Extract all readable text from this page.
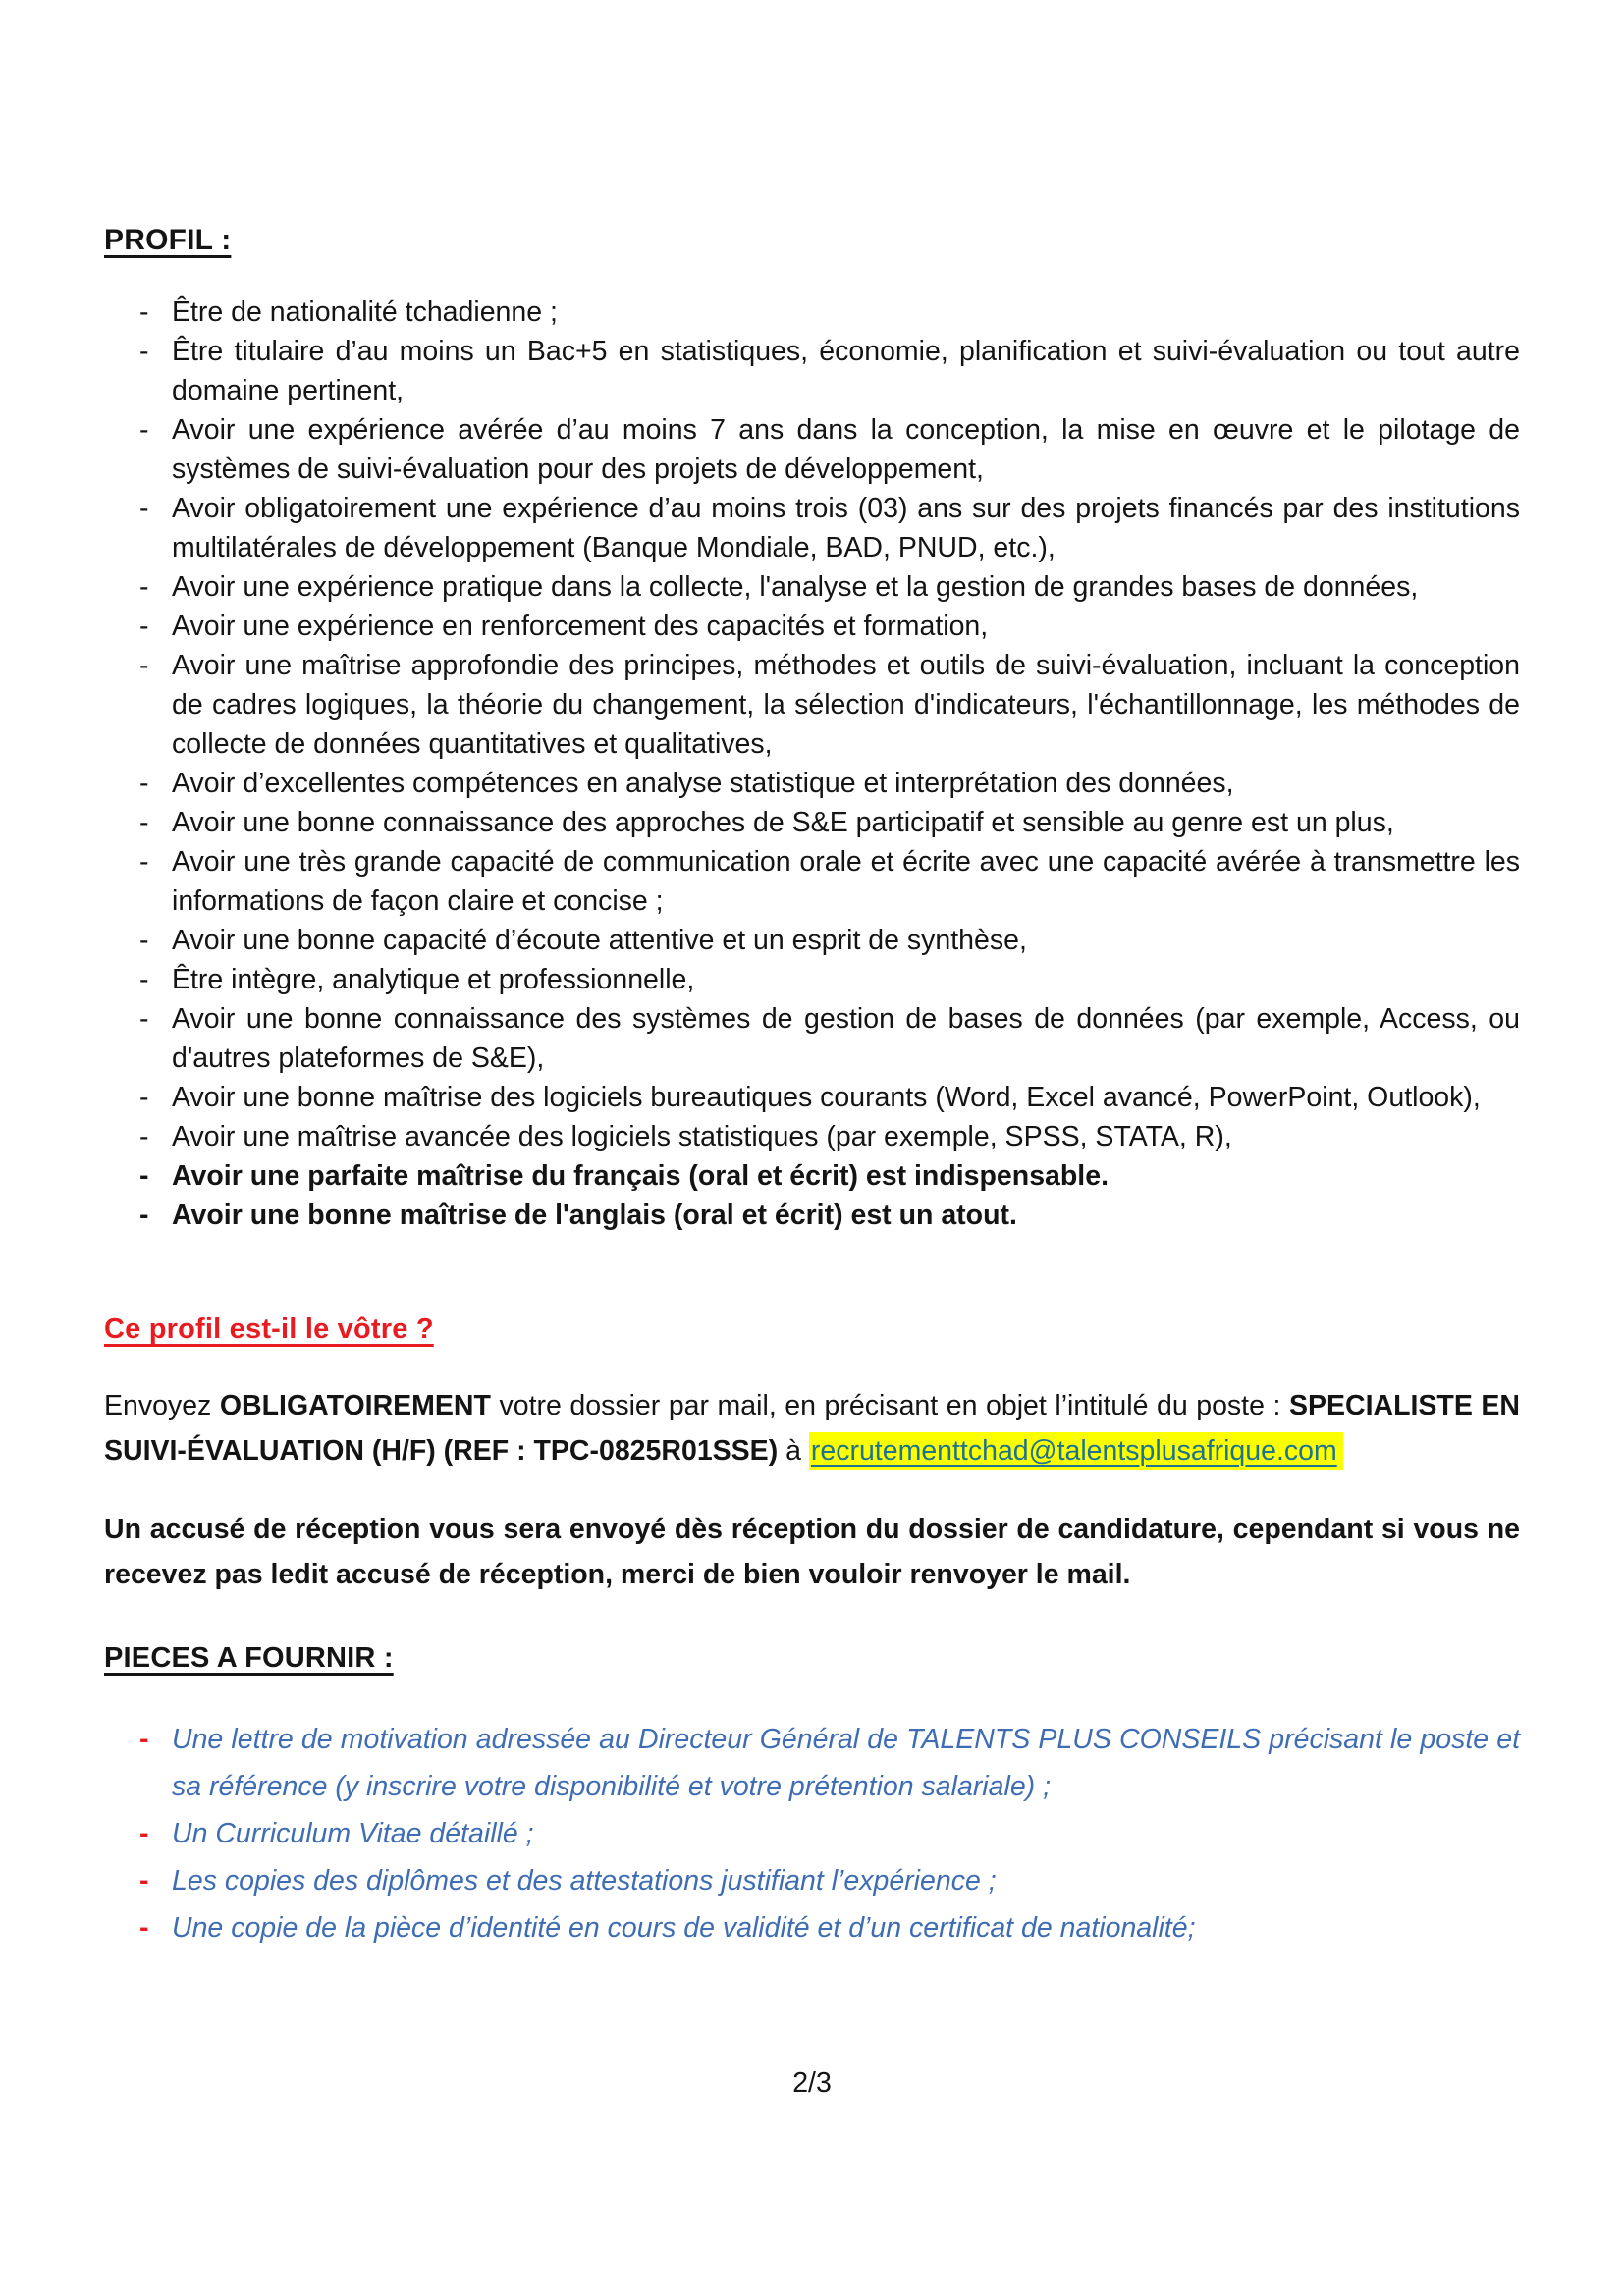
PROFIL :
- Être de nationalité tchadienne ;
- Être titulaire d’au moins un Bac+5 en statistiques, économie, planification et suivi-évaluation ou tout autre domaine pertinent,
- Avoir une expérience avérée d’au moins 7 ans dans la conception, la mise en œuvre et le pilotage de systèmes de suivi-évaluation pour des projets de développement,
- Avoir obligatoirement une expérience d’au moins trois (03) ans sur des projets financés par des institutions multilatérales de développement (Banque Mondiale, BAD, PNUD, etc.),
- Avoir une expérience pratique dans la collecte, l'analyse et la gestion de grandes bases de données,
- Avoir une expérience en renforcement des capacités et formation,
- Avoir une maîtrise approfondie des principes, méthodes et outils de suivi-évaluation, incluant la conception de cadres logiques, la théorie du changement, la sélection d'indicateurs, l'échantillonnage, les méthodes de collecte de données quantitatives et qualitatives,
- Avoir d’excellentes compétences en analyse statistique et interprétation des données,
- Avoir une bonne connaissance des approches de S&E participatif et sensible au genre est un plus,
- Avoir une très grande capacité de communication orale et écrite avec une capacité avérée à transmettre les informations de façon claire et concise ;
- Avoir une bonne capacité d’écoute attentive et un esprit de synthèse,
- Être intègre, analytique et professionnelle,
- Avoir une bonne connaissance des systèmes de gestion de bases de données (par exemple, Access, ou d'autres plateformes de S&E),
- Avoir une bonne maîtrise des logiciels bureautiques courants (Word, Excel avancé, PowerPoint, Outlook),
- Avoir une maîtrise avancée des logiciels statistiques (par exemple, SPSS, STATA, R),
- Avoir une parfaite maîtrise du français (oral et écrit) est indispensable.
- Avoir une bonne maîtrise de l'anglais (oral et écrit) est un atout.
Ce profil est-il le vôtre ?

Envoyez OBLIGATOIREMENT votre dossier par mail, en précisant en objet l’intitulé du poste : SPECIALISTE EN SUIVI-ÉVALUATION (H/F) (REF : TPC-0825R01SSE) à recrutementtchad@talentsplusafrique.com

Un accusé de réception vous sera envoyé dès réception du dossier de candidature, cependant si vous ne recevez pas ledit accusé de réception, merci de bien vouloir renvoyer le mail.

PIECES A FOURNIR :
- Une lettre de motivation adressée au Directeur Général de TALENTS PLUS CONSEILS précisant le poste et sa référence (y inscrire votre disponibilité et votre prétention salariale) ;
- Un Curriculum Vitae détaillé ;
- Les copies des diplômes et des attestations justifiant l’expérience ;
- Une copie de la pièce d’identité en cours de validité et d’un certificat de nationalité;
2/3
